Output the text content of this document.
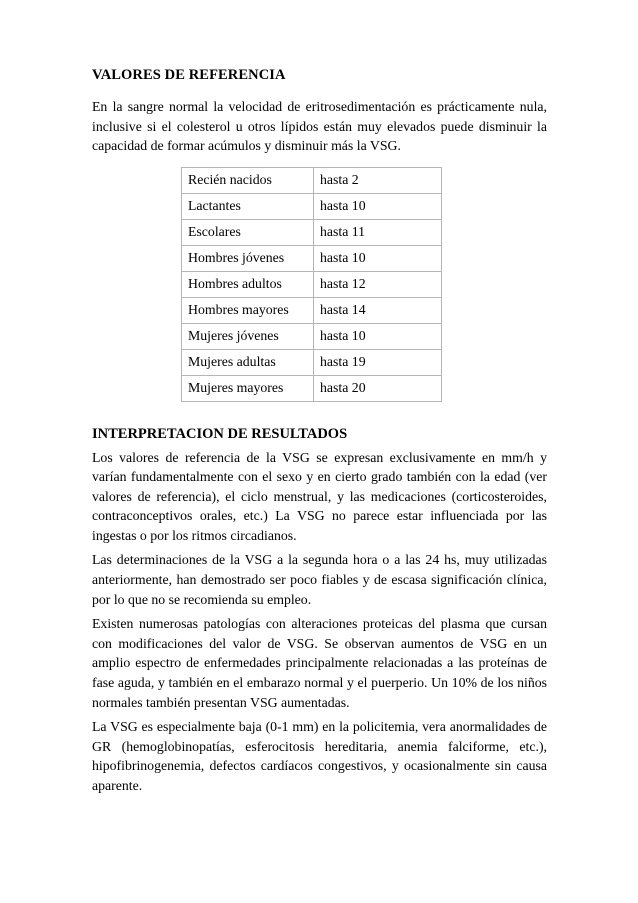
VALORES DE REFERENCIA

En la sangre normal la velocidad de eritrosedimentación es prácticamente nula, inclusive si el colesterol u otros lípidos están muy elevados puede disminuir la capacidad de formar acúmulos y disminuir más la VSG.

Recién nacidos	hasta 2
Lactantes	hasta 10
Escolares	hasta 11
Hombres jóvenes	hasta 10
Hombres adultos	hasta 12
Hombres mayores	hasta 14
Mujeres jóvenes	hasta 10
Mujeres adultas	hasta 19
Mujeres mayores	hasta 20
INTERPRETACION DE RESULTADOS

Los valores de referencia de la VSG se expresan exclusivamente en mm/h y varían fundamentalmente con el sexo y en cierto grado también con la edad (ver valores de referencia), el ciclo menstrual, y las medicaciones (corticosteroides, contraconceptivos orales, etc.) La VSG no parece estar influenciada por las ingestas o por los ritmos circadianos.

Las determinaciones de la VSG a la segunda hora o a las 24 hs, muy utilizadas anteriormente, han demostrado ser poco fiables y de escasa significación clínica, por lo que no se recomienda su empleo.

Existen numerosas patologías con alteraciones proteicas del plasma que cursan con modificaciones del valor de VSG. Se observan aumentos de VSG en un amplio espectro de enfermedades principalmente relacionadas a las proteínas de fase aguda, y también en el embarazo normal y el puerperio. Un 10% de los niños normales también presentan VSG aumentadas.

La VSG es especialmente baja (0-1 mm) en la policitemia, vera anormalidades de GR (hemoglobinopatías, esferocitosis hereditaria, anemia falciforme, etc.), hipofibrinogenemia, defectos cardíacos congestivos, y ocasionalmente sin causa aparente.
